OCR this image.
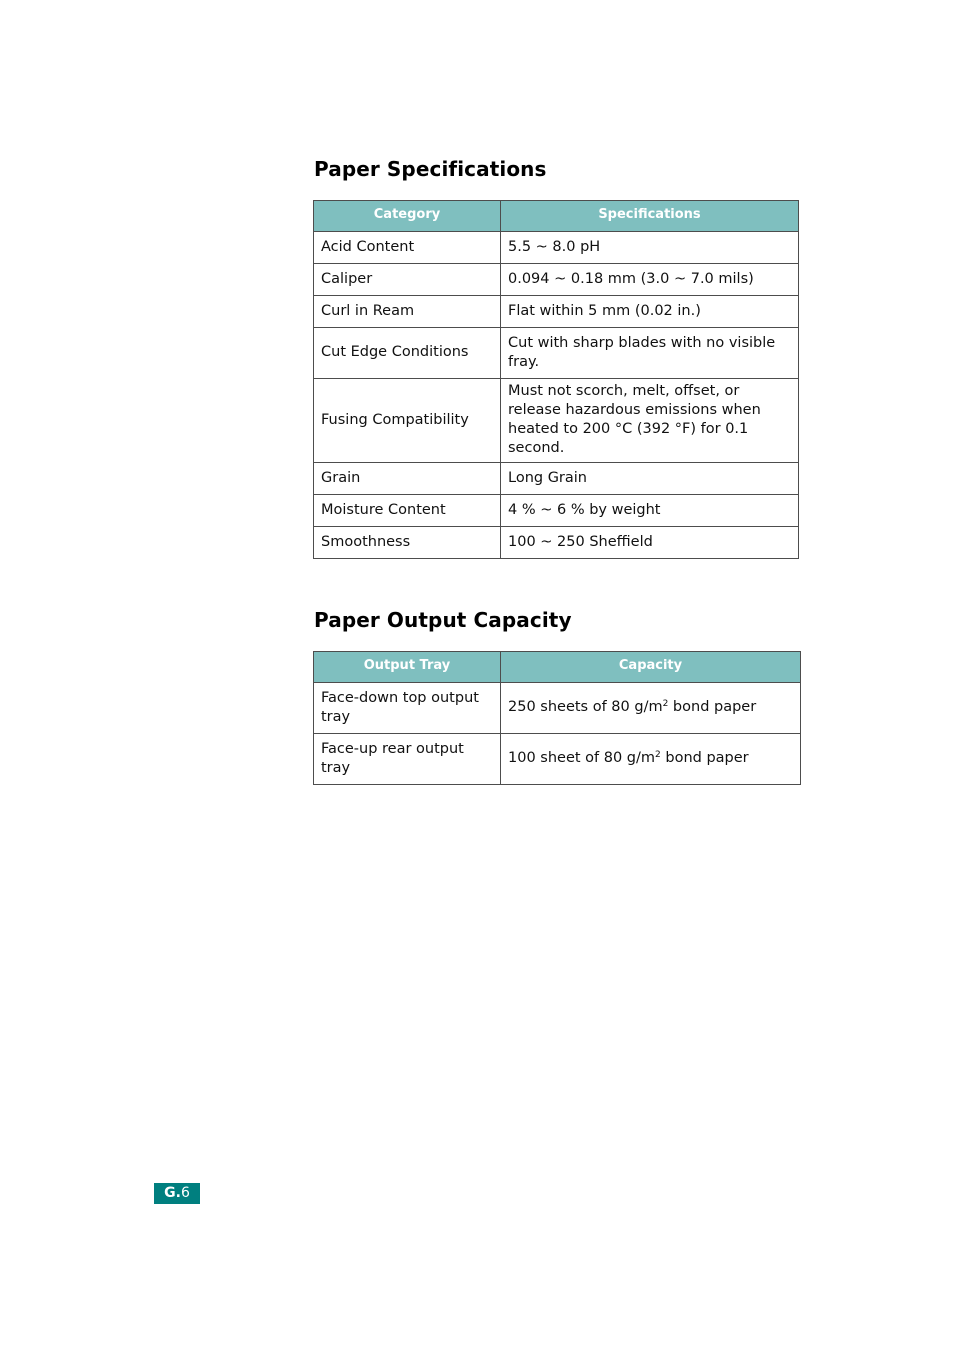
Paper Specifications
Category	Specifications
Acid Content	5.5 ~ 8.0 pH
Caliper	0.094 ~ 0.18 mm (3.0 ~ 7.0 mils)
Curl in Ream	Flat within 5 mm (0.02 in.)
Cut Edge Conditions	Cut with sharp blades with no visible fray.
Fusing Compatibility	Must not scorch, melt, offset, or release hazardous emissions when heated to 200 °C (392 °F) for 0.1 second.
Grain	Long Grain
Moisture Content	4 % ~ 6 % by weight
Smoothness	100 ~ 250 Sheffield
Paper Output Capacity
Output Tray	Capacity
Face-down top output tray	250 sheets of 80 $g/m^2$ bond paper
Face-up rear output tray	100 sheet of 80 $g/m^2$ bond paper
G.6
